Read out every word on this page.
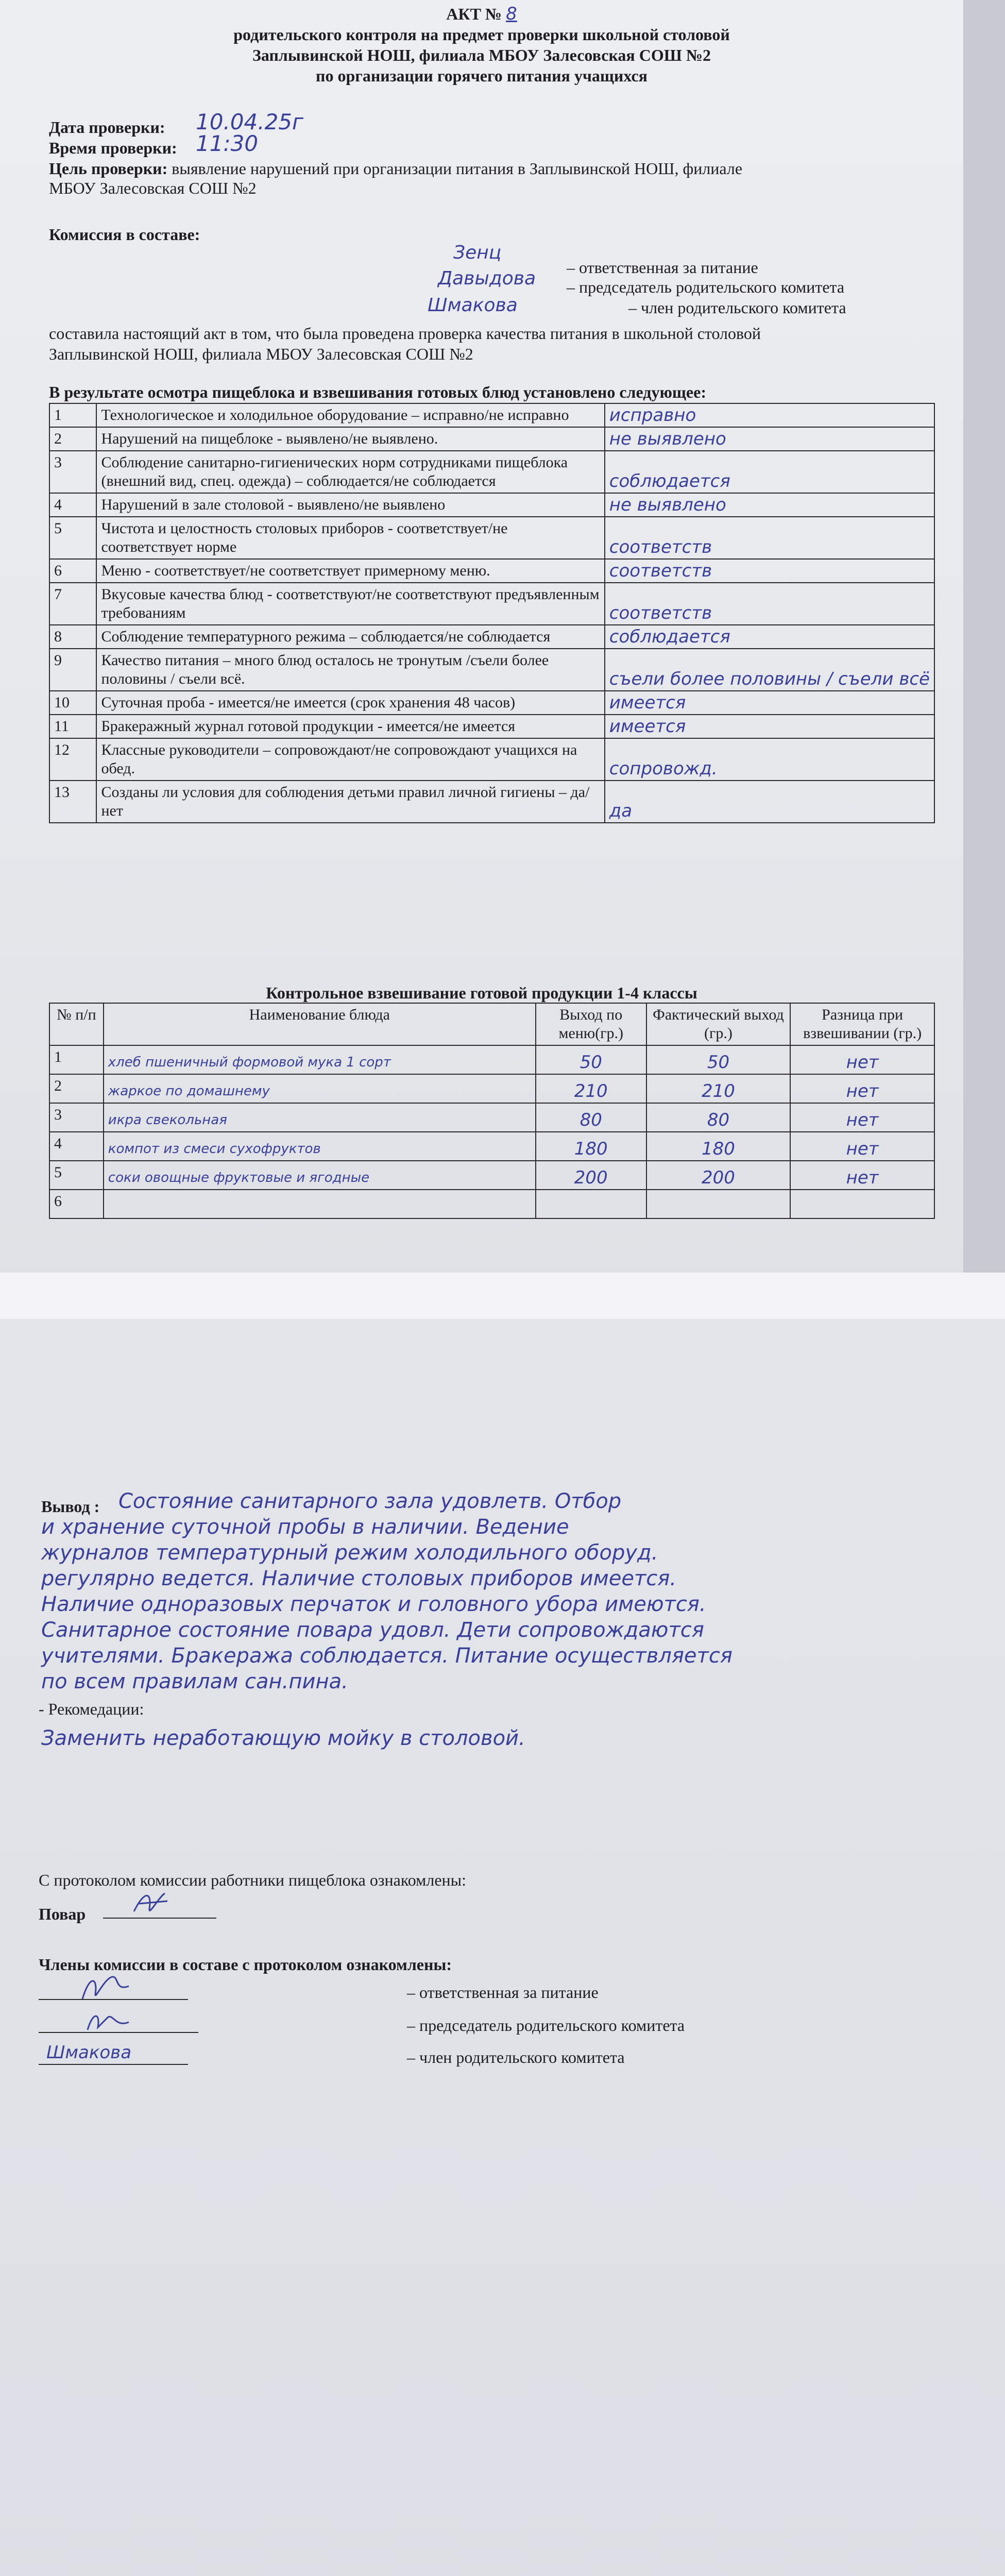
АКТ № 8
родительского контроля на предмет проверки школьной столовой
Заплывинской НОШ, филиала МБОУ Залесовская СОШ №2
по организации горячего питания учащихся
Дата проверки: 10.04.25г
Время проверки: 11:30
Цель проверки: выявление нарушений при организации питания в Заплывинской НОШ, филиале
МБОУ Залесовская СОШ №2
Комиссия в составе:
Зенц
– ответственная за питание
Давыдова – председатель родительского комитета
Шмакова	– член родительского комитета
составила настоящий акт в том, что была проведена проверка качества питания в школьной столовой
Заплывинской НОШ, филиала МБОУ Залесовская СОШ №2
В результате осмотра пищеблока и взвешивания готовых блюд установлено следующее:
1	Технологическое и холодильное оборудование – исправно/не исправно	исправно
2	Нарушений на пищеблоке - выявлено/не выявлено.	не выявлено
3	Соблюдение санитарно-гигиенических норм сотрудниками пищеблока (внешний вид, спец. одежда) – соблюдается/не соблюдается	соблюдается
4	Нарушений в зале столовой - выявлено/не выявлено	не выявлено
5	Чистота и целостность столовых приборов - соответствует/не соответствует норме	соответств
6	Меню - соответствует/не соответствует примерному меню.	соответств
7	Вкусовые качества блюд - соответствуют/не соответствуют предъявленным требованиям	соответств
8	Соблюдение температурного режима – соблюдается/не соблюдается	соблюдается
9	Качество питания – много блюд осталось не тронутым /съели более половины / съели всё.	съели более половины / съели всё
10	Суточная проба - имеется/не имеется (срок хранения 48 часов)	имеется
11	Бракеражный журнал готовой продукции - имеется/не имеется	имеется
12	Классные руководители – сопровождают/не сопровождают учащихся на обед.	сопровожд.
13	Созданы ли условия для соблюдения детьми правил личной гигиены – да/ нет	да
Контрольное взвешивание готовой продукции 1-4 классы
№ п/п	Наименование блюда	Выход по меню(гр.)	Фактический выход (гр.)	Разница при взвешивании (гр.)
1	хлеб пшеничный формовой мука 1 сорт	50	50	нет
2	жаркое по домашнему	210	210	нет
3	икра свекольная	80	80	нет
4	компот из смеси сухофруктов	180	180	нет
5	соки овощные фруктовые и ягодные	200	200	нет
6				
Вывод : Состояние санитарного зала удовлетв. Отбор
и хранение суточной пробы в наличии. Ведение
журналов температурный режим холодильного оборуд.
регулярно ведется. Наличие столовых приборов имеется.
Наличие одноразовых перчаток и головного убора имеются.
Санитарное состояние повара удовл. Дети сопровождаются
учителями. Бракеража соблюдается. Питание осуществляется
по всем правилам сан.пина.
- Рекомедации:
Заменить неработающую мойку в столовой.
С протоколом комиссии работники пищеблока ознакомлены:
Повар
Члены комиссии в составе с протоколом ознакомлены:
– ответственная за питание
– председатель родительского комитета
Шмакова	– член родительского комитета
